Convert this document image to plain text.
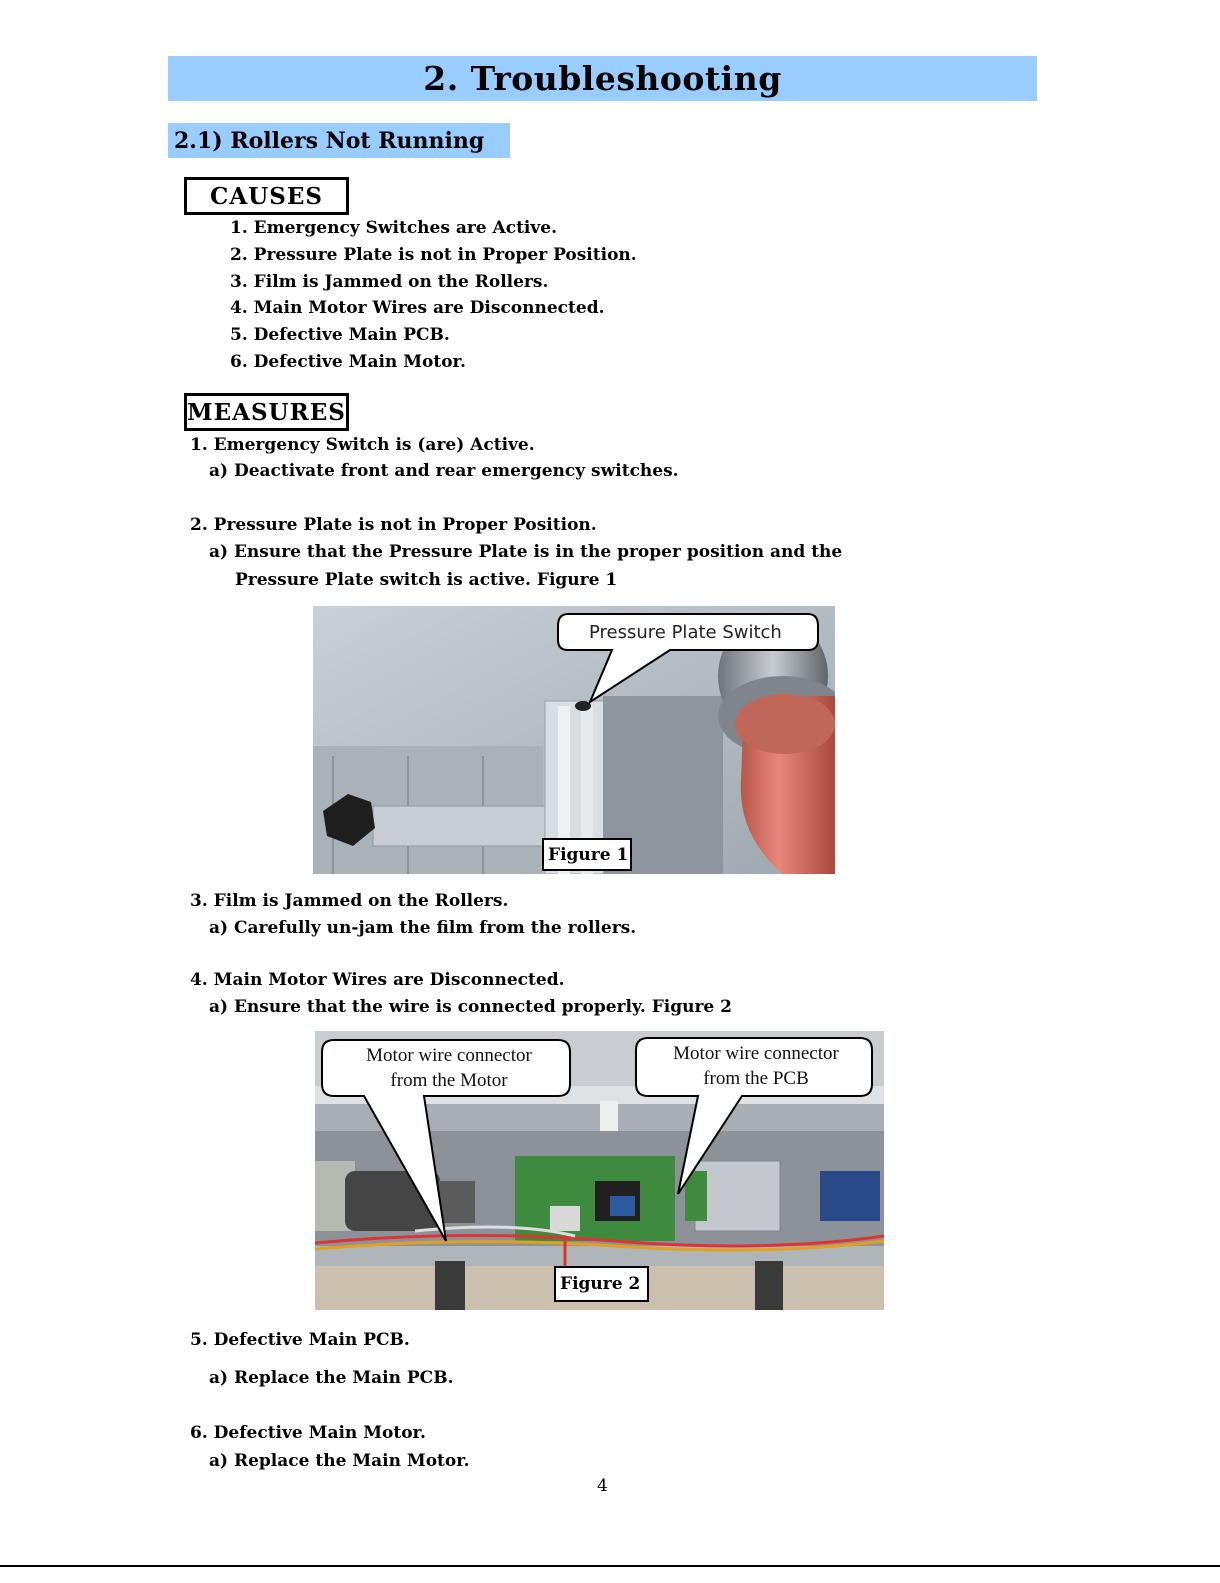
2. Troubleshooting
2.1) Rollers Not Running
CAUSES
1. Emergency Switches are Active.
2. Pressure Plate is not in Proper Position.
3. Film is Jammed on the Rollers.
4. Main Motor Wires are Disconnected.
5. Defective Main PCB.
6. Defective Main Motor.
MEASURES
1. Emergency Switch is (are) Active.
a) Deactivate front and rear emergency switches.
2. Pressure Plate is not in Proper Position.
a) Ensure that the Pressure Plate is in the proper position and the
Pressure Plate switch is active. Figure 1
Pressure Plate Switch
Figure 1
3. Film is Jammed on the Rollers.
a) Carefully un-jam the film from the rollers.
4. Main Motor Wires are Disconnected.
a) Ensure that the wire is connected properly. Figure 2
Motor wire connector
from the Motor
Motor wire connector
from the PCB
Figure 2
5. Defective Main PCB.
a) Replace the Main PCB.
6. Defective Main Motor.
a) Replace the Main Motor.
4
